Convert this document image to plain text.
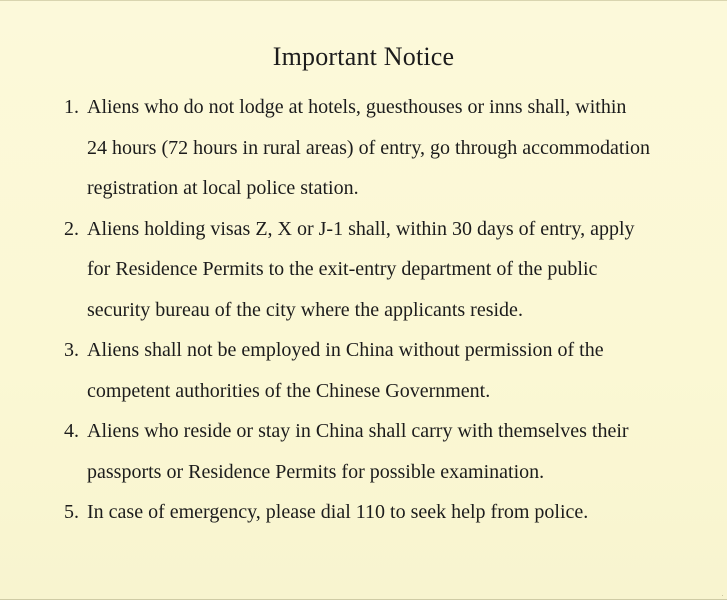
Important Notice
1. Aliens who do not lodge at hotels, guesthouses or inns shall, within
24 hours (72 hours in rural areas) of entry, go through accommodation
registration at local police station.
2. Aliens holding visas Z, X or J-1 shall, within 30 days of entry, apply
for Residence Permits to the exit-entry department of the public
security bureau of the city where the applicants reside.
3. Aliens shall not be employed in China without permission of the
competent authorities of the Chinese Government.
4. Aliens who reside or stay in China shall carry with themselves their
passports or Residence Permits for possible examination.
5. In case of emergency, please dial 110 to seek help from police.
